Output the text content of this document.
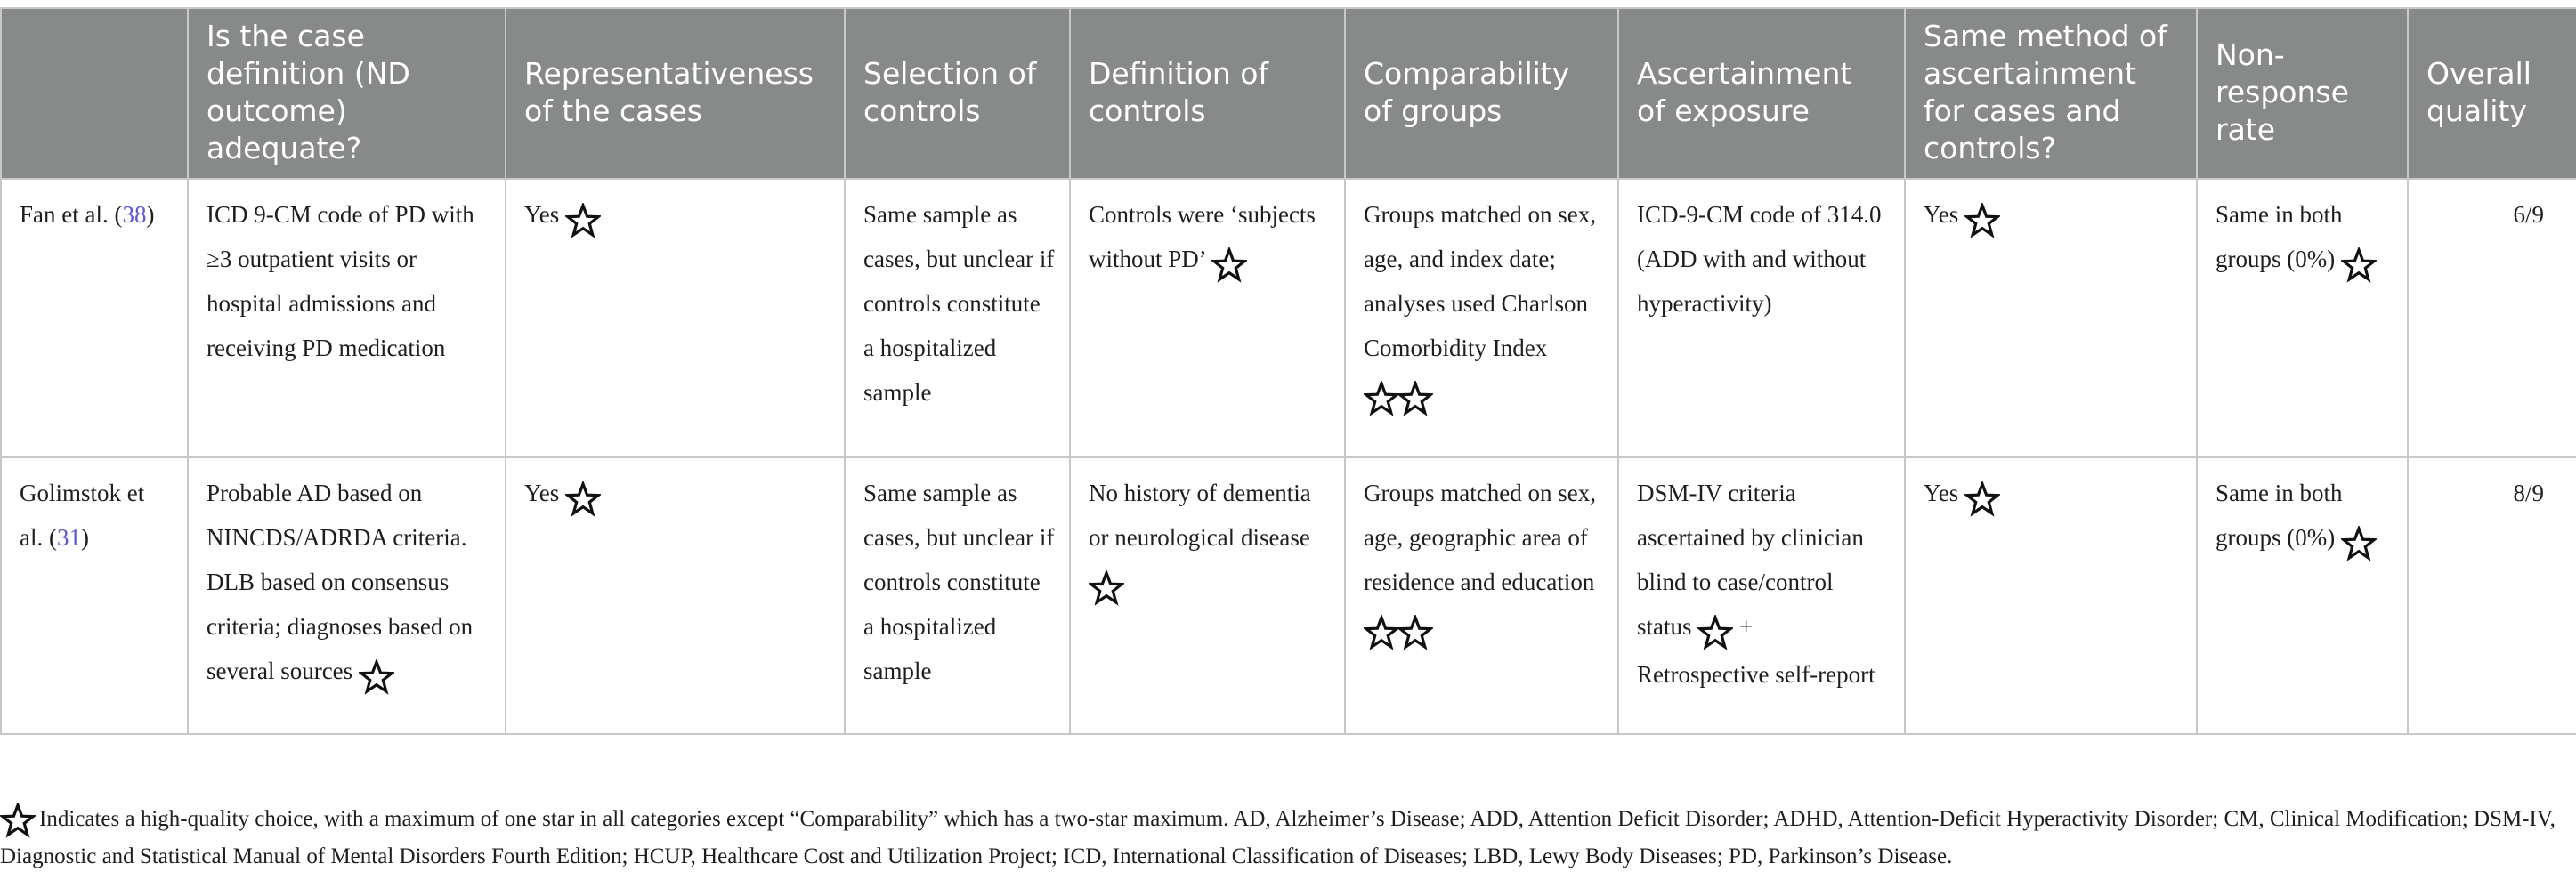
	Is the case definition (ND outcome) adequate?	Representativeness of the cases	Selection of controls	Definition of controls	Comparability of groups	Ascertainment of exposure	Same method of ascertainment for cases and controls?	Non-response rate	Overall quality
Fan et al. (38)	ICD 9-CM code of PD with ≥3 outpatient visits or hospital admissions and receiving PD medication	Yes	Same sample as cases, but unclear if controls constitute a hospitalized sample	Controls were ‘subjects without PD’	Groups matched on sex, age, and index date; analyses used Charlson Comorbidity Index	ICD-9-CM code of 314.0 (ADD with and without hyperactivity)	Yes	Same in both groups (0%)	6/9
Golimstok et al. (31)	Probable AD based on NINCDS/ADRDA criteria. DLB based on consensus criteria; diagnoses based on several sources	Yes	Same sample as cases, but unclear if controls constitute a hospitalized sample	No history of dementia or neurological disease	Groups matched on sex, age, geographic area of residence and education	DSM-IV criteria ascertained by clinician blind to case/control status + Retrospective self-report	Yes	Same in both groups (0%)	8/9
Indicates a high-quality choice, with a maximum of one star in all categories except “Comparability” which has a two-star maximum. AD, Alzheimer’s Disease; ADD, Attention Deficit Disorder; ADHD, Attention-Deficit Hyperactivity Disorder; CM, Clinical Modification; DSM-IV, Diagnostic and Statistical Manual of Mental Disorders Fourth Edition; HCUP, Healthcare Cost and Utilization Project; ICD, International Classification of Diseases; LBD, Lewy Body Diseases; PD, Parkinson’s Disease.
